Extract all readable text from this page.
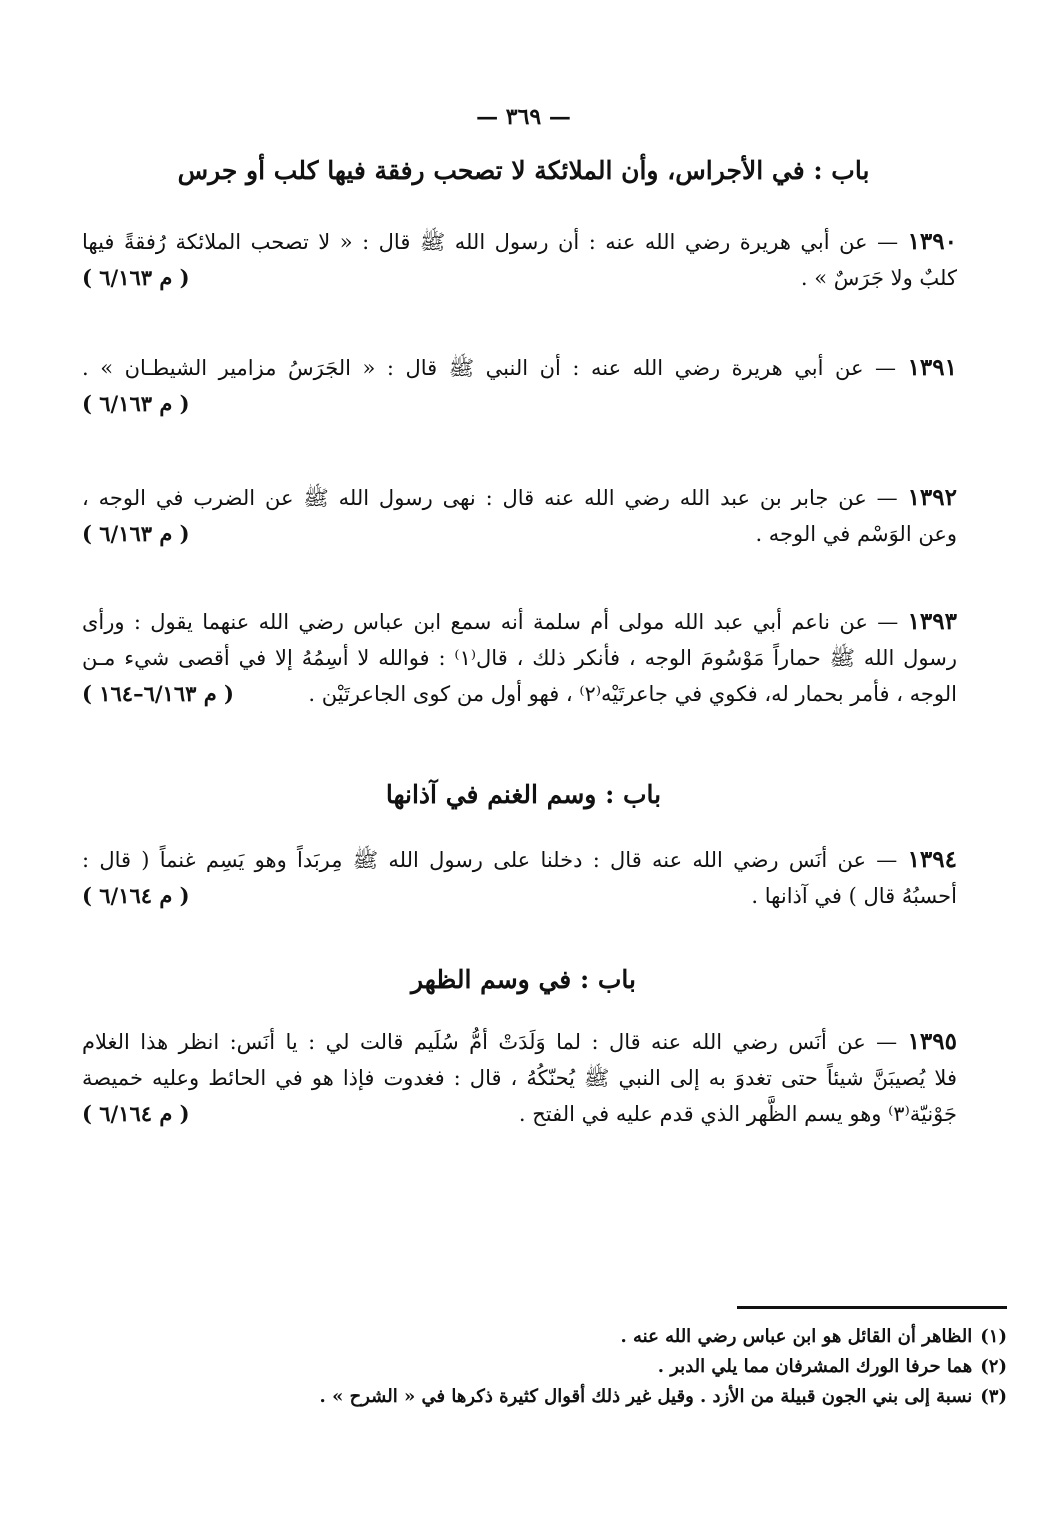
— ٣٦٩ —
باب : في الأجراس، وأن الملائكة لا تصحب رفقة فيها كلب أو جرس
١٣٩٠ — عن أبي هريرة رضي الله عنه : أن رسول الله ﷺ قال : « لا تصحب الملائكة رُفقةً فيها
كلبٌ ولا جَرَسٌ » .
( م ٦/١٦٣ )
١٣٩١ — عن أبي هريرة رضي الله عنه : أن النبي ﷺ قال : « الجَرَسُ مزامير الشيطـان » .
( م ٦/١٦٣ )
١٣٩٢ — عن جابر بن عبد الله رضي الله عنه قال : نهى رسول الله ﷺ عن الضرب في الوجه ،
وعن الوَسْم في الوجه .
( م ٦/١٦٣ )
١٣٩٣ — عن ناعم أبي عبد الله مولى أم سلمة أنه سمع ابن عباس رضي الله عنهما يقول : ورأى
رسول الله ﷺ حماراً مَوْسُومَ الوجه ، فأنكر ذلك ، قال⁽١⁾ : فوالله لا أسِمُهُ إلا في أقصى شيء مـن
الوجه ، فأمر بحمار له، فكوي في جاعرتَيْه⁽٢⁾ ، فهو أول من كوى الجاعرتَيْن .
( م ٦/١٦٣–١٦٤ )
باب : وسم الغنم في آذانها
١٣٩٤ — عن أنَس رضي الله عنه قال : دخلنا على رسول الله ﷺ مِربَداً وهو يَسِم غنماً ( قال :
أحسبُهُ قال ) في آذانها .
( م ٦/١٦٤ )
باب : في وسم الظهر
١٣٩٥ — عن أنَس رضي الله عنه قال : لما وَلَدَتْ أمُّ سُلَيم قالت لي : يا أنَس: انظر هذا الغلام
فلا يُصيبَنَّ شيئاً حتى تغدوَ به إلى النبي ﷺ يُحنّكُهُ ، قال : فغدوت فإذا هو في الحائط وعليه خميصة
جَوْنيّة⁽٣⁾ وهو يسم الظَّهر الذي قدم عليه في الفتح .
( م ٦/١٦٤ )
(١)الظاهر أن القائل هو ابن عباس رضي الله عنه .
(٢)هما حرفا الورك المشرفان مما يلي الدبر .
(٣)نسبة إلى بني الجون قبيلة من الأزد . وقيل غير ذلك أقوال كثيرة ذكرها في « الشرح » .
